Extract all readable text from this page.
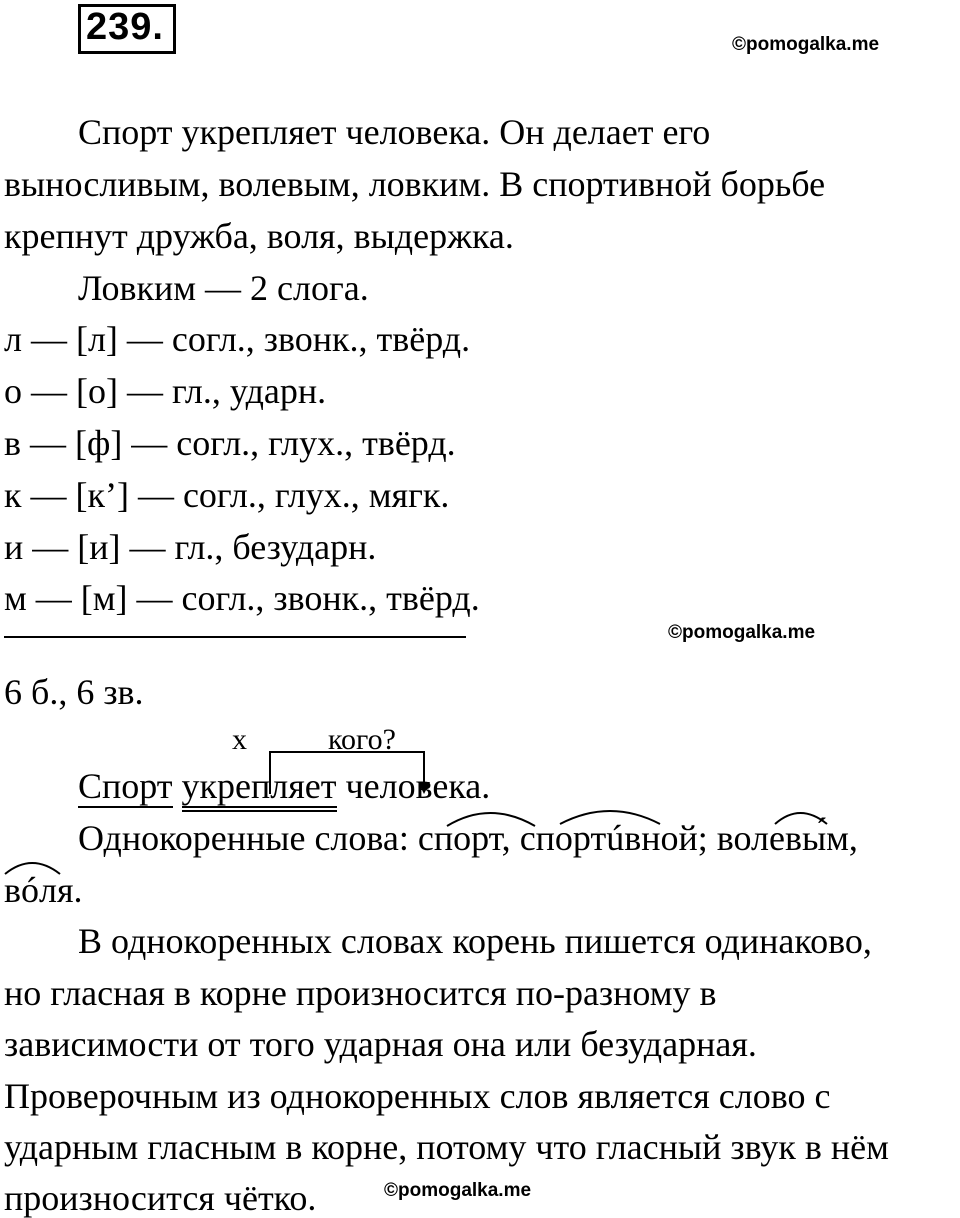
239.	©pomogalka.me
Спорт укрепляет человека. Он делает его
выносливым, волевым, ловким. В спортивной борьбе
крепнут дружба, воля, выдержка.
Ловким — 2 слога.
л — [л] — согл., звонк., твёрд.
о — [о] — гл., ударн.
в — [ф] — согл., глух., твёрд.
к — [к’] — согл., глух., мягк.
и — [и] — гл., безударн.
м — [м] — согл., звонк., твёрд.
©pomogalka.me
6 б., 6 зв.
х	кого?
Спорт укрепляет человека.
Однокоренные слова: спорт, спортúвной; волевы́м,
вóля.
В однокоренных словах корень пишется одинаково,
но гласная в корне произносится по-разному в
зависимости от того ударная она или безударная.
Проверочным из однокоренных слов является слово с
ударным гласным в корне, потому что гласный звук в нём
произносится чётко.	©pomogalka.me
